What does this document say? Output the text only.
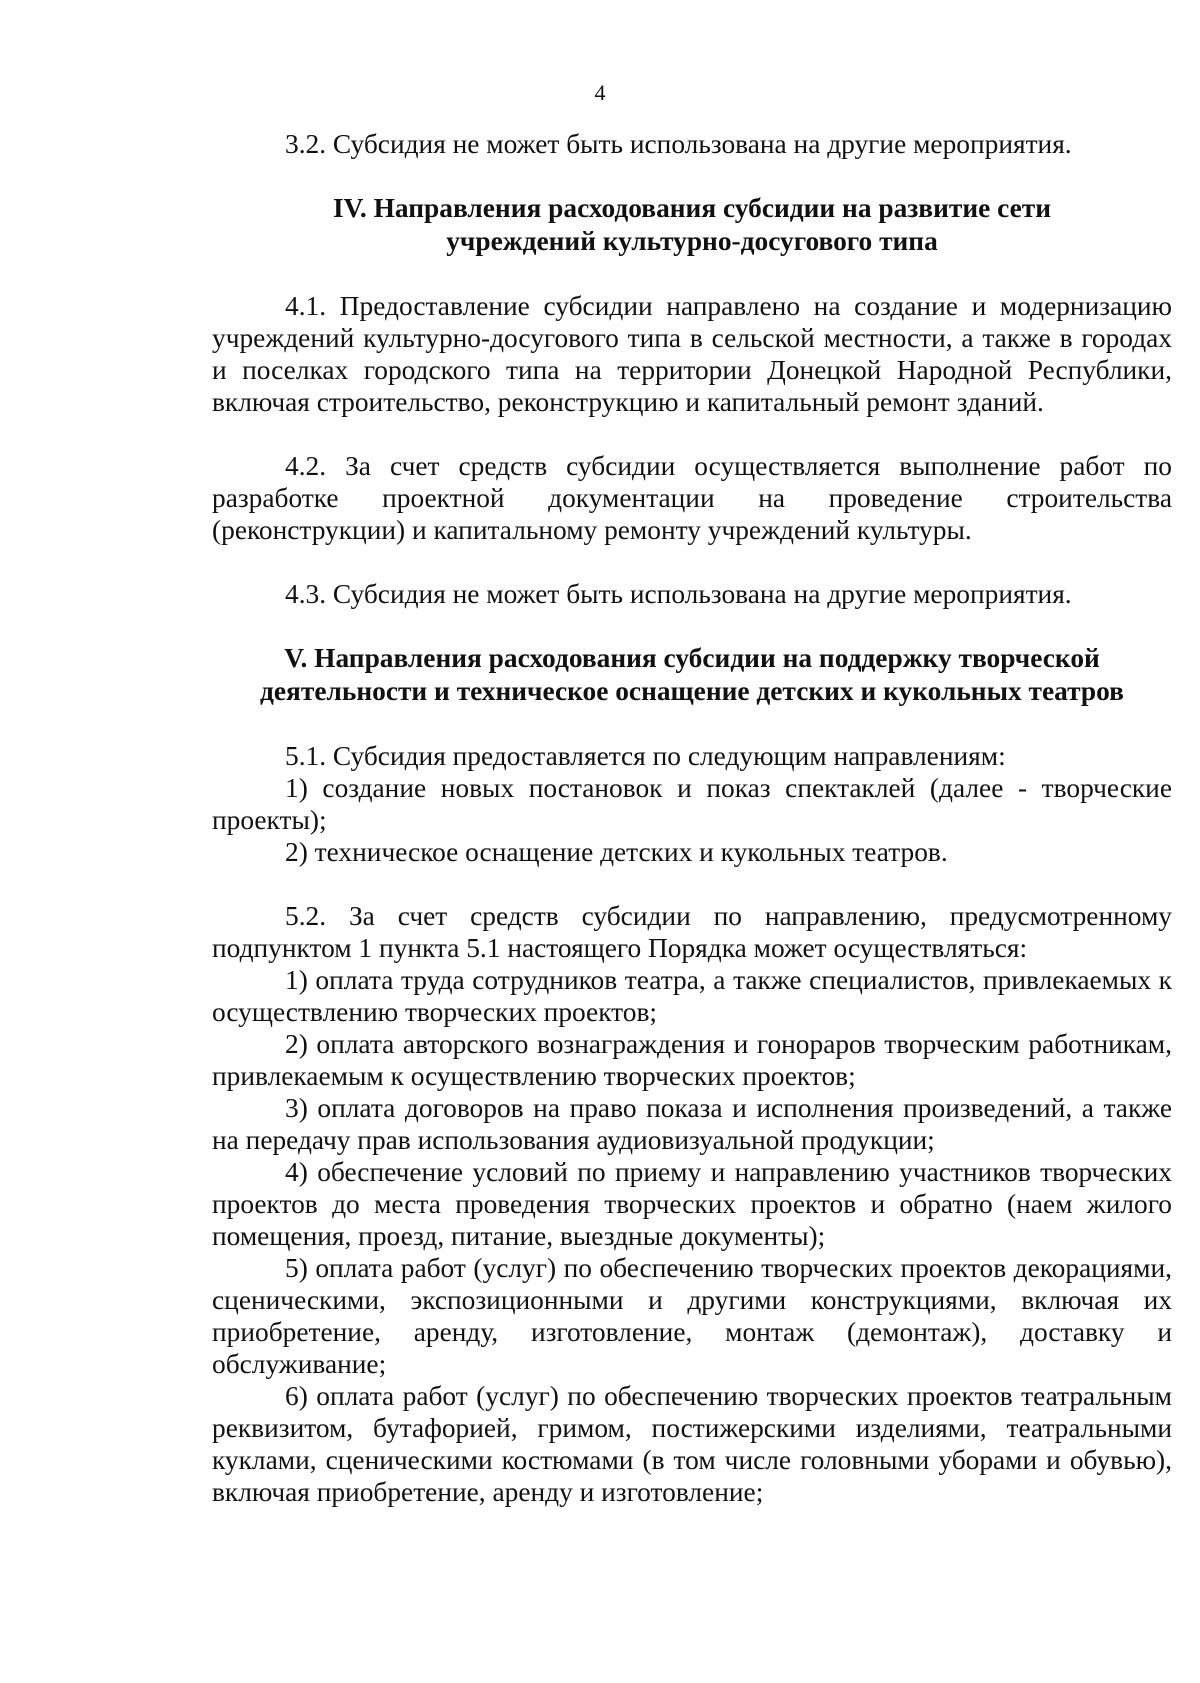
4

3.2. Субсидия не может быть использована на другие мероприятия.

IV. Направления расходования субсидии на развитие сети
учреждений культурно-досугового типа

4.1. Предоставление субсидии направлено на создание и модернизацию учреждений культурно-досугового типа в сельской местности, а также в городах и поселках городского типа на территории Донецкой Народной Республики, включая строительство, реконструкцию и капитальный ремонт зданий.

4.2. За счет средств субсидии осуществляется выполнение работ по разработке проектной документации на проведение строительства (реконструкции) и капитальному ремонту учреждений культуры.

4.3. Субсидия не может быть использована на другие мероприятия.

V. Направления расходования субсидии на поддержку творческой
деятельности и техническое оснащение детских и кукольных театров

5.1. Субсидия предоставляется по следующим направлениям:

1) создание новых постановок и показ спектаклей (далее - творческие проекты);

2) техническое оснащение детских и кукольных театров.

5.2. За счет средств субсидии по направлению, предусмотренному подпунктом 1 пункта 5.1 настоящего Порядка может осуществляться:

1) оплата труда сотрудников театра, а также специалистов, привлекаемых к осуществлению творческих проектов;

2) оплата авторского вознаграждения и гонораров творческим работникам, привлекаемым к осуществлению творческих проектов;

3) оплата договоров на право показа и исполнения произведений, а также на передачу прав использования аудиовизуальной продукции;

4) обеспечение условий по приему и направлению участников творческих проектов до места проведения творческих проектов и обратно (наем жилого помещения, проезд, питание, выездные документы);

5) оплата работ (услуг) по обеспечению творческих проектов декорациями, сценическими, экспозиционными и другими конструкциями, включая их приобретение, аренду, изготовление, монтаж (демонтаж), доставку и обслуживание;

6) оплата работ (услуг) по обеспечению творческих проектов театральным реквизитом, бутафорией, гримом, постижерскими изделиями, театральными куклами, сценическими костюмами (в том числе головными уборами и обувью), включая приобретение, аренду и изготовление;
